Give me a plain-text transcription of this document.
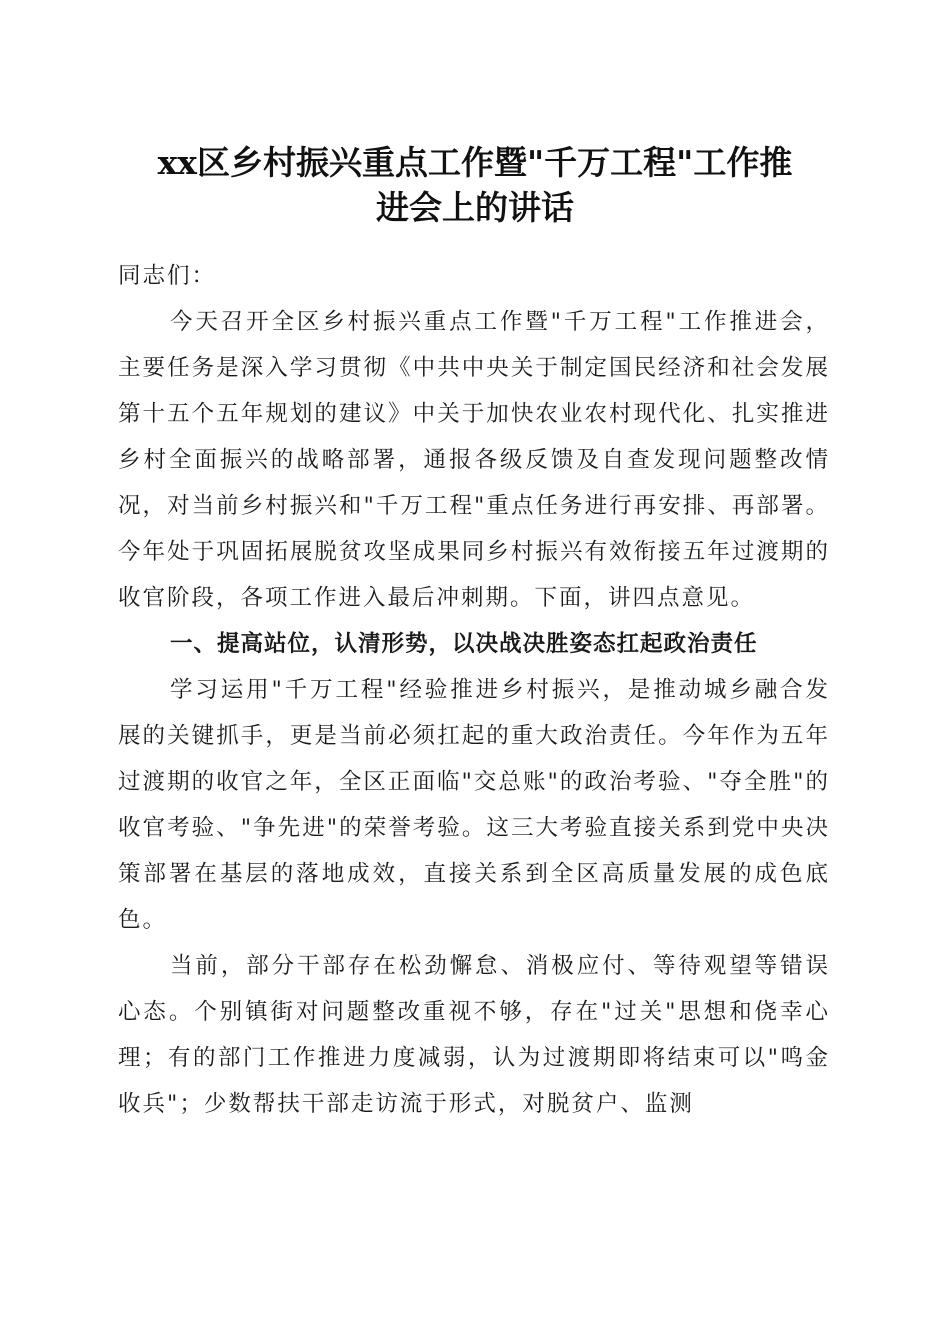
xx区乡村振兴重点工作暨"千万工程"工作推
进会上的讲话

同志们：

今天召开全区乡村振兴重点工作暨"千万工程"工作推进会，主要任务是深入学习贯彻《中共中央关于制定国民经济和社会发展第十五个五年规划的建议》中关于加快农业农村现代化、扎实推进乡村全面振兴的战略部署，通报各级反馈及自查发现问题整改情况，对当前乡村振兴和"千万工程"重点任务进行再安排、再部署。今年处于巩固拓展脱贫攻坚成果同乡村振兴有效衔接五年过渡期的收官阶段，各项工作进入最后冲刺期。下面，讲四点意见。

一、提高站位，认清形势，以决战决胜姿态扛起政治责任

学习运用"千万工程"经验推进乡村振兴，是推动城乡融合发展的关键抓手，更是当前必须扛起的重大政治责任。今年作为五年过渡期的收官之年，全区正面临"交总账"的政治考验、"夺全胜"的收官考验、"争先进"的荣誉考验。这三大考验直接关系到党中央决策部署在基层的落地成效，直接关系到全区高质量发展的成色底色。

当前，部分干部存在松劲懈怠、消极应付、等待观望等错误心态。个别镇街对问题整改重视不够，存在"过关"思想和侥幸心理；有的部门工作推进力度减弱，认为过渡期即将结束可以"鸣金收兵"；少数帮扶干部走访流于形式，对脱贫户、监测
